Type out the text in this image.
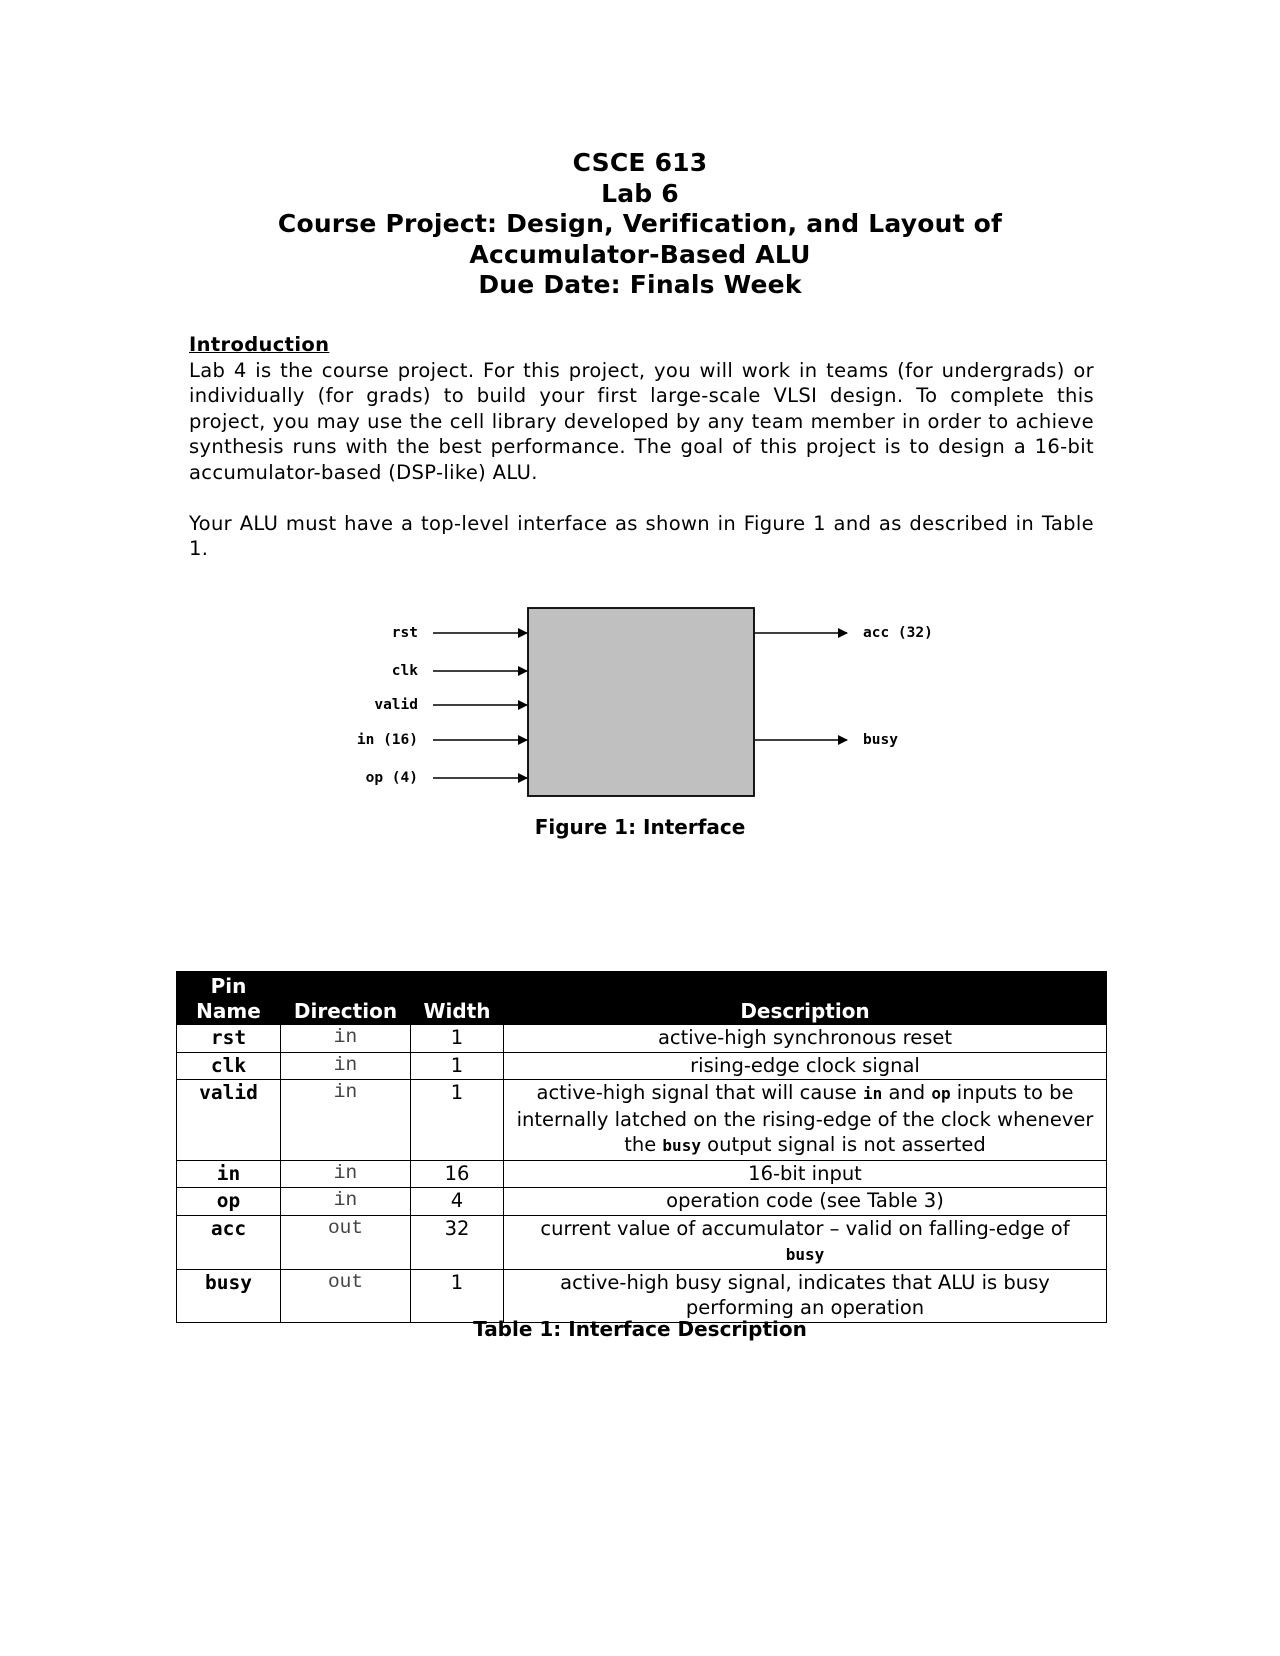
CSCE 613
Lab 6
Course Project: Design, Verification, and Layout of
Accumulator-Based ALU
Due Date: Finals Week
Introduction

Lab 4 is the course project. For this project, you will work in teams (for undergrads) or individually (for grads) to build your first large-scale VLSI design. To complete this project, you may use the cell library developed by any team member in order to achieve synthesis runs with the best performance. The goal of this project is to design a 16-bit accumulator-based (DSP-like) ALU.

Your ALU must have a top-level interface as shown in Figure 1 and as described in Table 1.

rst
clk
valid
in (16)
op (4)
acc (32)
busy
Figure 1: Interface
Pin
Name	Direction	Width	Description
rst	in	1	active-high synchronous reset
clk	in	1	rising-edge clock signal
valid	in	1	active-high signal that will cause in and op inputs to be internally latched on the rising-edge of the clock whenever the busy output signal is not asserted
in	in	16	16-bit input
op	in	4	operation code (see Table 3)
acc	out	32	current value of accumulator – valid on falling-edge of
busy
busy	out	1	active-high busy signal, indicates that ALU is busy performing an operation
Table 1: Interface Description
